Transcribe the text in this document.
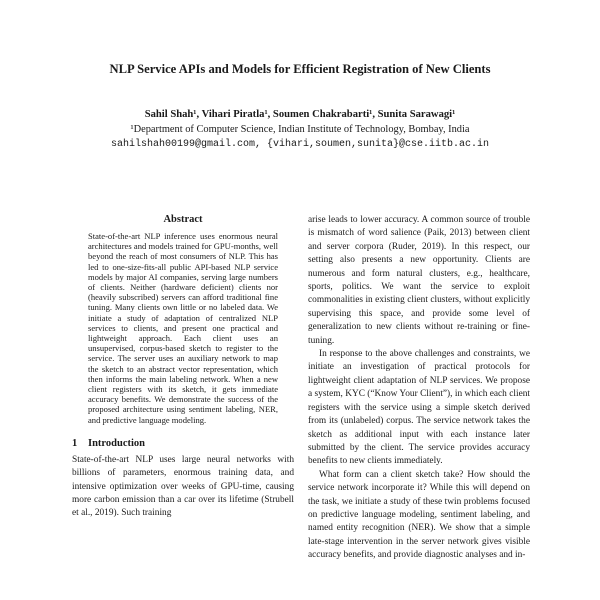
NLP Service APIs and Models for Efficient Registration of New Clients
Sahil Shah¹, Vihari Piratla¹, Soumen Chakrabarti¹, Sunita Sarawagi¹
¹Department of Computer Science, Indian Institute of Technology, Bombay, India
sahilshah00199@gmail.com, {vihari,soumen,sunita}@cse.iitb.ac.in
Abstract

State-of-the-art NLP inference uses enormous neural architectures and models trained for GPU-months, well beyond the reach of most consumers of NLP. This has led to one-size-fits-all public API-based NLP service models by major AI companies, serving large numbers of clients. Neither (hardware deficient) clients nor (heavily subscribed) servers can afford traditional fine tuning. Many clients own little or no labeled data. We initiate a study of adaptation of centralized NLP services to clients, and present one practical and lightweight approach. Each client uses an unsupervised, corpus-based sketch to register to the service. The server uses an auxiliary network to map the sketch to an abstract vector representation, which then informs the main labeling network. When a new client registers with its sketch, it gets immediate accuracy benefits. We demonstrate the success of the proposed architecture using sentiment labeling, NER, and predictive language modeling.

1 Introduction

State-of-the-art NLP uses large neural networks with billions of parameters, enormous training data, and intensive optimization over weeks of GPU-time, causing more carbon emission than a car over its lifetime (Strubell et al., 2019). Such training

arise leads to lower accuracy. A common source of trouble is mismatch of word salience (Paik, 2013) between client and server corpora (Ruder, 2019). In this respect, our setting also presents a new opportunity. Clients are numerous and form natural clusters, e.g., healthcare, sports, politics. We want the service to exploit commonalities in existing client clusters, without explicitly supervising this space, and provide some level of generalization to new clients without re-training or fine-tuning.

In response to the above challenges and constraints, we initiate an investigation of practical protocols for lightweight client adaptation of NLP services. We propose a system, KYC (“Know Your Client”), in which each client registers with the service using a simple sketch derived from its (unlabeled) corpus. The service network takes the sketch as additional input with each instance later submitted by the client. The service provides accuracy benefits to new clients immediately.

What form can a client sketch take? How should the service network incorporate it? While this will depend on the task, we initiate a study of these twin problems focused on predictive language modeling, sentiment labeling, and named entity recognition (NER). We show that a simple late-stage intervention in the server network gives visible accuracy benefits, and provide diagnostic analyses and in-
